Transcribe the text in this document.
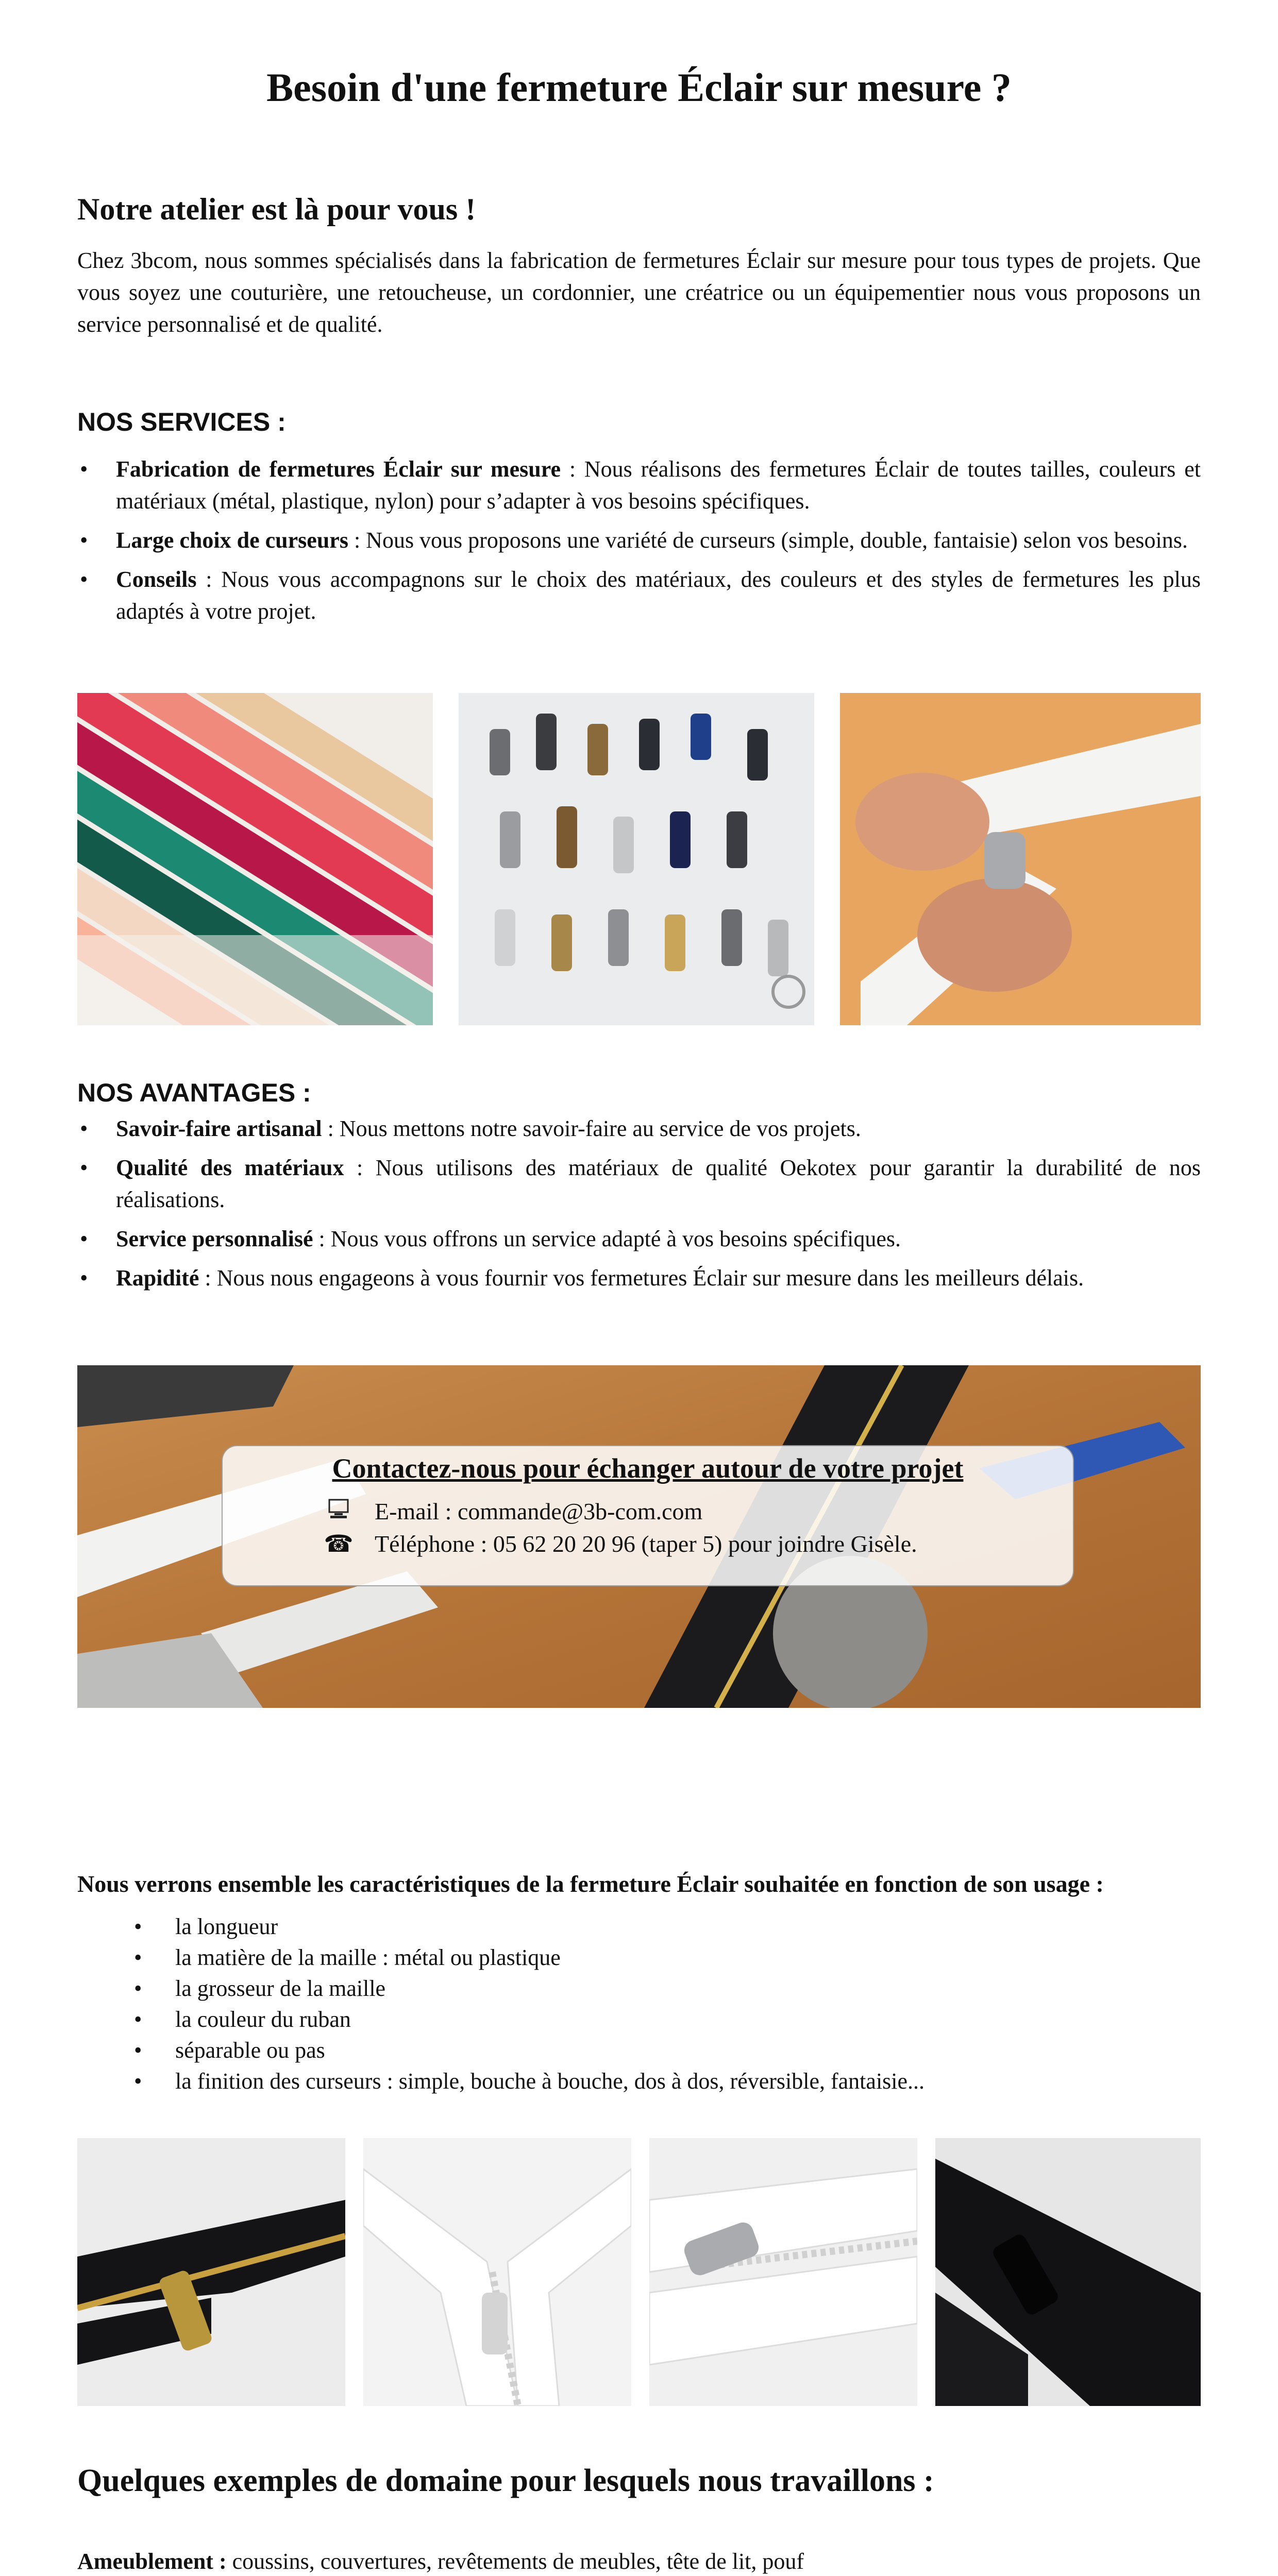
Besoin d'une fermeture Éclair sur mesure ?
Notre atelier est là pour vous !
Chez 3bcom, nous sommes spécialisés dans la fabrication de fermetures Éclair sur mesure pour tous types de projets. Que vous soyez une couturière, une retoucheuse, un cordonnier, une créatrice ou un équipementier nous vous proposons un service personnalisé et de qualité.
NOS SERVICES :
• Fabrication de fermetures Éclair sur mesure : Nous réalisons des fermetures Éclair de toutes tailles, couleurs et matériaux (métal, plastique, nylon) pour s’adapter à vos besoins spécifiques.
• Large choix de curseurs : Nous vous proposons une variété de curseurs (simple, double, fantaisie) selon vos besoins.
• Conseils : Nous vous accompagnons sur le choix des matériaux, des couleurs et des styles de fermetures les plus adaptés à votre projet.
NOS AVANTAGES :
• Savoir-faire artisanal : Nous mettons notre savoir-faire au service de vos projets.
• Qualité des matériaux : Nous utilisons des matériaux de qualité Oekotex pour garantir la durabilité de nos réalisations.
• Service personnalisé : Nous vous offrons un service adapté à vos besoins spécifiques.
• Rapidité : Nous nous engageons à vous fournir vos fermetures Éclair sur mesure dans les meilleurs délais.
Contactez-nous pour échanger autour de votre projet
E-mail : commande@3b-com.com
☎ Téléphone : 05 62 20 20 96 (taper 5) pour joindre Gisèle.
Nous verrons ensemble les caractéristiques de la fermeture Éclair souhaitée en fonction de son usage :
• la longueur
• la matière de la maille : métal ou plastique
• la grosseur de la maille
• la couleur du ruban
• séparable ou pas
• la finition des curseurs : simple, bouche à bouche, dos à dos, réversible, fantaisie...
Quelques exemples de domaine pour lesquels nous travaillons :
Ameublement : coussins, couvertures, revêtements de meubles, tête de lit, pouf
